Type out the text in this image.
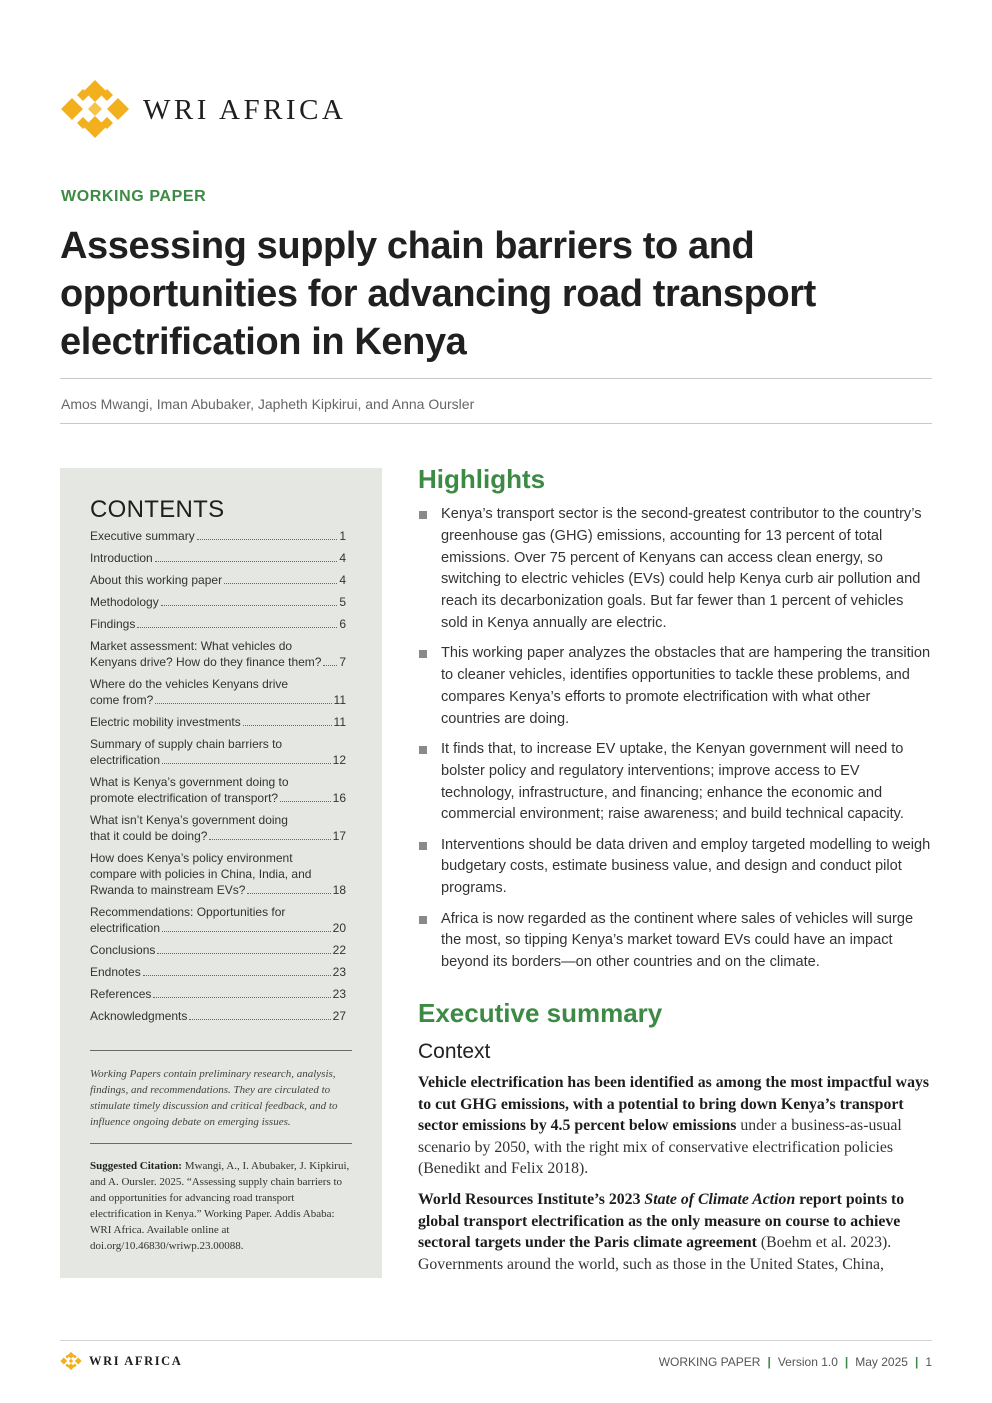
WRI AFRICA
WORKING PAPER
Assessing supply chain barriers to and opportunities for advancing road transport electrification in Kenya
Amos Mwangi, Iman Abubaker, Japheth Kipkirui, and Anna Oursler
CONTENTS
Executive summary	1
Introduction	4
About this working paper	4
Methodology	5
Findings	6
Market assessment: What vehicles do
Kenyans drive? How do they finance them? 7
Where do the vehicles Kenyans drive
come from?	11
Electric mobility investments	11
Summary of supply chain barriers to
electrification	12
What is Kenya’s government doing to
promote electrification of transport?	16
What isn’t Kenya’s government doing
that it could be doing?	17
How does Kenya’s policy environment
compare with policies in China, India, and
Rwanda to mainstream EVs?	18
Recommendations: Opportunities for
electrification	20
Conclusions	22
Endnotes	23
References	23
Acknowledgments	27

Working Papers contain preliminary research, analysis, findings, and recommendations. They are circulated to stimulate timely discussion and critical feedback, and to influence ongoing debate on emerging issues.

Suggested Citation: Mwangi, A., I. Abubaker, J. Kipkirui, and A. Oursler. 2025. “Assessing supply chain barriers to and opportunities for advancing road transport electrification in Kenya.” Working Paper. Addis Ababa: WRI Africa. Available online at doi.org/10.46830/wriwp.23.00088.

Highlights
Kenya’s transport sector is the second-greatest contributor to the country’s greenhouse gas (GHG) emissions, accounting for 13 percent of total emissions. Over 75 percent of Kenyans can access clean energy, so switching to electric vehicles (EVs) could help Kenya curb air pollution and reach its decarbonization goals. But far fewer than 1 percent of vehicles sold in Kenya annually are electric.
This working paper analyzes the obstacles that are hampering the transition to cleaner vehicles, identifies opportunities to tackle these problems, and compares Kenya’s efforts to promote electrification with what other countries are doing.
It finds that, to increase EV uptake, the Kenyan government will need to bolster policy and regulatory interventions; improve access to EV technology, infrastructure, and financing; enhance the economic and commercial environment; raise awareness; and build technical capacity.
Interventions should be data driven and employ targeted modelling to weigh budgetary costs, estimate business value, and design and conduct pilot programs.
Africa is now regarded as the continent where sales of vehicles will surge the most, so tipping Kenya’s market toward EVs could have an impact beyond its borders—on other countries and on the climate.
Executive summary
Context

Vehicle electrification has been identified as among the most impactful ways to cut GHG emissions, with a potential to bring down Kenya’s transport sector emissions by 4.5 percent below emissions under a business-as-usual scenario by 2050, with the right mix of conservative electrification policies (Benedikt and Felix 2018).

World Resources Institute’s 2023 State of Climate Action report points to global transport electrification as the only measure on course to achieve sectoral targets under the Paris climate agreement (Boehm et al. 2023). Governments around the world, such as those in the United States, China,

WRI AFRICA	WORKING PAPER | Version 1.0 | May 2025 | 1
